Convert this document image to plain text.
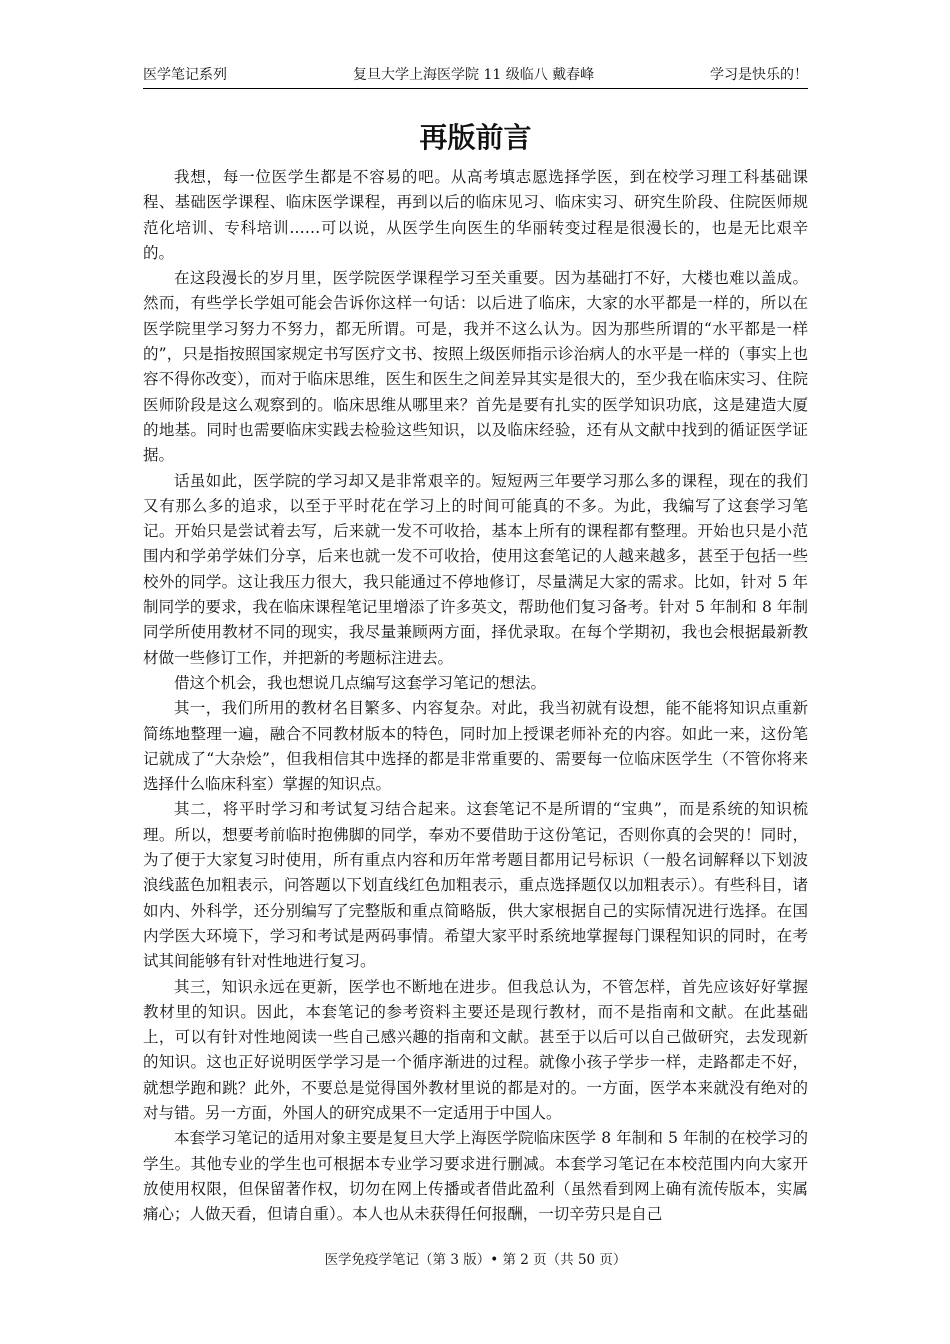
医学笔记系列	复旦大学上海医学院 11 级临八 戴春峰	学习是快乐的！
再版前言

我想，每一位医学生都是不容易的吧。从高考填志愿选择学医，到在校学习理工科基础课程、基础医学课程、临床医学课程，再到以后的临床见习、临床实习、研究生阶段、住院医师规范化培训、专科培训……可以说，从医学生向医生的华丽转变过程是很漫长的，也是无比艰辛的。

在这段漫长的岁月里，医学院医学课程学习至关重要。因为基础打不好，大楼也难以盖成。然而，有些学长学姐可能会告诉你这样一句话：以后进了临床，大家的水平都是一样的，所以在医学院里学习努力不努力，都无所谓。可是，我并不这么认为。因为那些所谓的“水平都是一样的”，只是指按照国家规定书写医疗文书、按照上级医师指示诊治病人的水平是一样的（事实上也容不得你改变），而对于临床思维，医生和医生之间差异其实是很大的，至少我在临床实习、住院医师阶段是这么观察到的。临床思维从哪里来？首先是要有扎实的医学知识功底，这是建造大厦的地基。同时也需要临床实践去检验这些知识，以及临床经验，还有从文献中找到的循证医学证据。

话虽如此，医学院的学习却又是非常艰辛的。短短两三年要学习那么多的课程，现在的我们又有那么多的追求，以至于平时花在学习上的时间可能真的不多。为此，我编写了这套学习笔记。开始只是尝试着去写，后来就一发不可收拾，基本上所有的课程都有整理。开始也只是小范围内和学弟学妹们分享，后来也就一发不可收拾，使用这套笔记的人越来越多，甚至于包括一些校外的同学。这让我压力很大，我只能通过不停地修订，尽量满足大家的需求。比如，针对 5 年制同学的要求，我在临床课程笔记里增添了许多英文，帮助他们复习备考。针对 5 年制和 8 年制同学所使用教材不同的现实，我尽量兼顾两方面，择优录取。在每个学期初，我也会根据最新教材做一些修订工作，并把新的考题标注进去。

借这个机会，我也想说几点编写这套学习笔记的想法。

其一，我们所用的教材名目繁多、内容复杂。对此，我当初就有设想，能不能将知识点重新简练地整理一遍，融合不同教材版本的特色，同时加上授课老师补充的内容。如此一来，这份笔记就成了“大杂烩”，但我相信其中选择的都是非常重要的、需要每一位临床医学生（不管你将来选择什么临床科室）掌握的知识点。

其二，将平时学习和考试复习结合起来。这套笔记不是所谓的“宝典”，而是系统的知识梳理。所以，想要考前临时抱佛脚的同学，奉劝不要借助于这份笔记，否则你真的会哭的！同时，为了便于大家复习时使用，所有重点内容和历年常考题目都用记号标识（一般名词解释以下划波浪线蓝色加粗表示，问答题以下划直线红色加粗表示，重点选择题仅以加粗表示）。有些科目，诸如内、外科学，还分别编写了完整版和重点简略版，供大家根据自己的实际情况进行选择。在国内学医大环境下，学习和考试是两码事情。希望大家平时系统地掌握每门课程知识的同时，在考试其间能够有针对性地进行复习。

其三，知识永远在更新，医学也不断地在进步。但我总认为，不管怎样，首先应该好好掌握教材里的知识。因此，本套笔记的参考资料主要还是现行教材，而不是指南和文献。在此基础上，可以有针对性地阅读一些自己感兴趣的指南和文献。甚至于以后可以自己做研究，去发现新的知识。这也正好说明医学学习是一个循序渐进的过程。就像小孩子学步一样，走路都走不好，就想学跑和跳？此外，不要总是觉得国外教材里说的都是对的。一方面，医学本来就没有绝对的对与错。另一方面，外国人的研究成果不一定适用于中国人。

本套学习笔记的适用对象主要是复旦大学上海医学院临床医学 8 年制和 5 年制的在校学习的学生。其他专业的学生也可根据本专业学习要求进行删减。本套学习笔记在本校范围内向大家开放使用权限，但保留著作权，切勿在网上传播或者借此盈利（虽然看到网上确有流传版本，实属痛心；人做天看，但请自重）。本人也从未获得任何报酬，一切辛劳只是自己

医学免疫学笔记（第 3 版）• 第 2 页（共 50 页）
